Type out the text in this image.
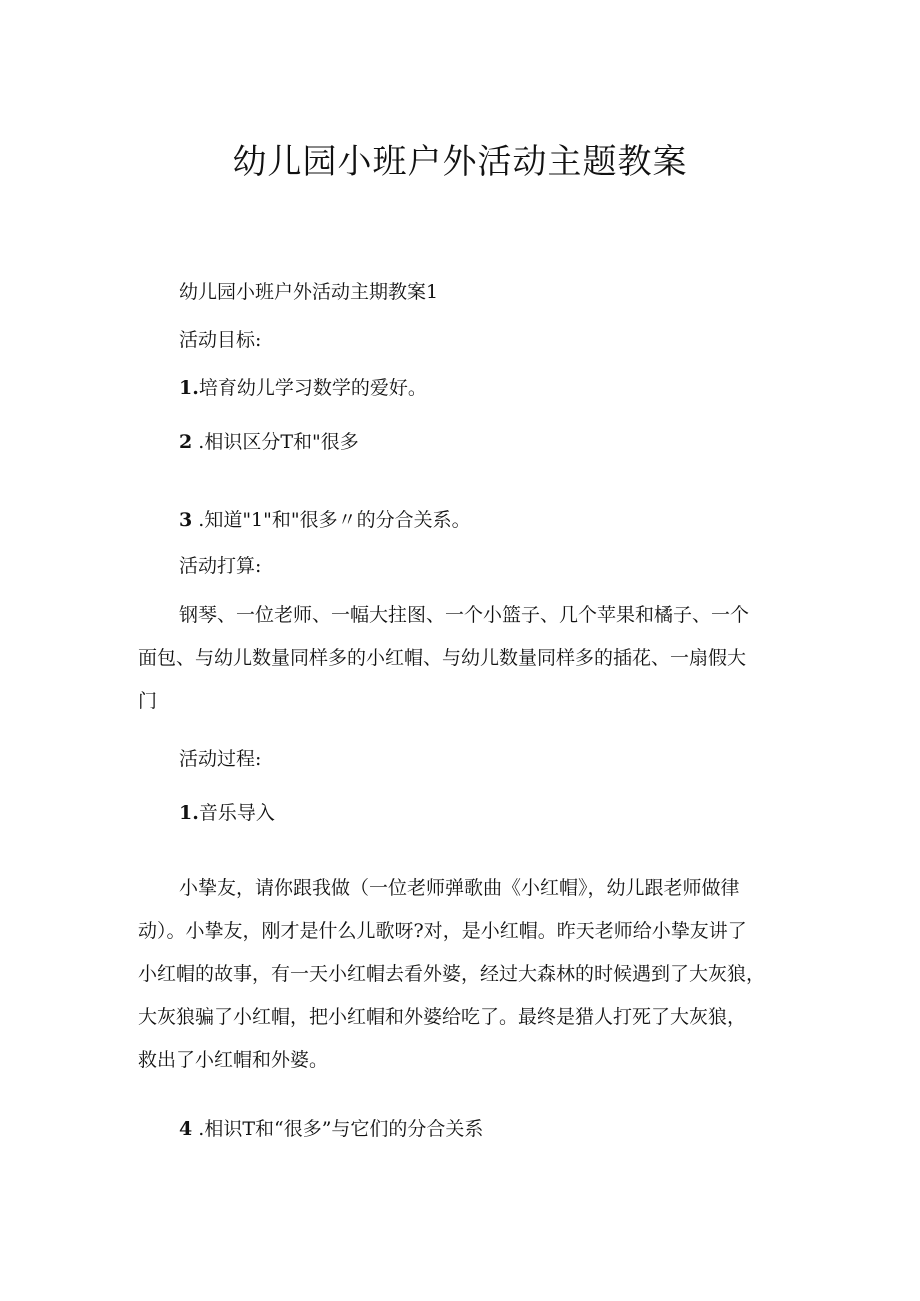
幼儿园小班户外活动主题教案

幼儿园小班户外活动主期教案1

活动目标:

1.培育幼儿学习数学的爱好。

2 .相识区分T和"很多

3 .知道"1"和"很多〃的分合关系。

活动打算:

钢琴、一位老师、一幅大拄图、一个小篮子、几个苹果和橘子、一个
面包、与幼儿数量同样多的小红帽、与幼儿数量同样多的插花、一扇假大
门

活动过程:

1.音乐导入

小挚友，请你跟我做（一位老师弹歌曲《小红帽》，幼儿跟老师做律
动）。小挚友，刚才是什么儿歌呀?对，是小红帽。昨天老师给小挚友讲了
小红帽的故事，有一天小红帽去看外婆，经过大森林的时候遇到了大灰狼，
大灰狼骗了小红帽，把小红帽和外婆给吃了。最终是猎人打死了大灰狼，
救出了小红帽和外婆。

4 .相识T和“很多”与它们的分合关系
